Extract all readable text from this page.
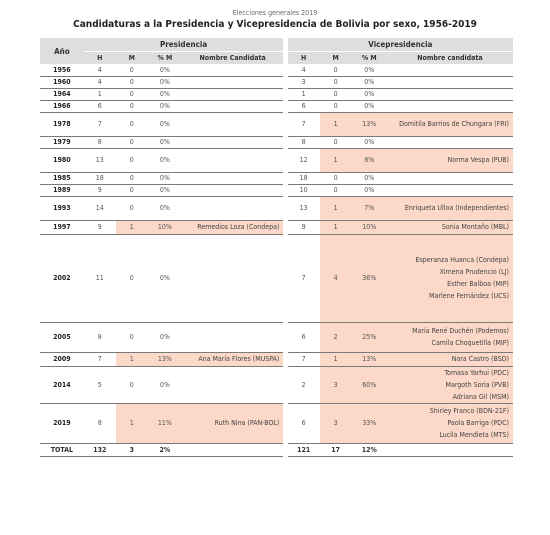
Elecciones generales 2019
Candidaturas a la Presidencia y Vicepresidencia de Bolivia por sexo, 1956-2019
Año	Presidencia					Vicepresidencia			
	H	M	% M	Nombre Candidata		H	M	% M	Nombre candidata
1956	4	0	0%			4	0	0%	
1960	4	0	0%			3	0	0%	
1964	1	0	0%			1	0	0%	
1966	6	0	0%			6	0	0%	
1978	7	0	0%			7	1	13%	Domitila Barrios de Chungara (FRI)

1979	8	0	0%			8	0	0%	
1980	13	0	0%			12	1	8%	Norma Vespa (PUB)

1985	18	0	0%			18	0	0%	
1989	9	0	0%			10	0	0%	
1993	14	0	0%			13	1	7%	Enriqueta Ulloa (Independientes)

1997	9	1	10%	Remedios Loza (Condepa)		9	1	10%	Sonia Montaño (MBL)

2002	11	0	0%			7	4	36%	Esperanza Huanca (Condepa)
Ximena Prudencio (LJ)
Esther Balboa (MIP)
Marlene Fernández (UCS)

2005	8	0	0%			6	2	25%	María René Duchén (Podemos)
Camila Choquetilla (MIP)

2009	7	1	13%	Ana María Flores (MUSPA)		7	1	13%	Nora Castro (BSD)

2014	5	0	0%			2	3	60%	Tomasa Yarhui (PDC)
Margoth Soria (PVB)
Adriana Gil (MSM)

2019	8	1	11%	Ruth Nina (PAN-BOL)		6	3	33%	Shirley Franco (BDN-21F)
Paola Barriga (PDC)
Lucila Mendieta (MTS)

TOTAL	132	3	2%			121	17	12%	
